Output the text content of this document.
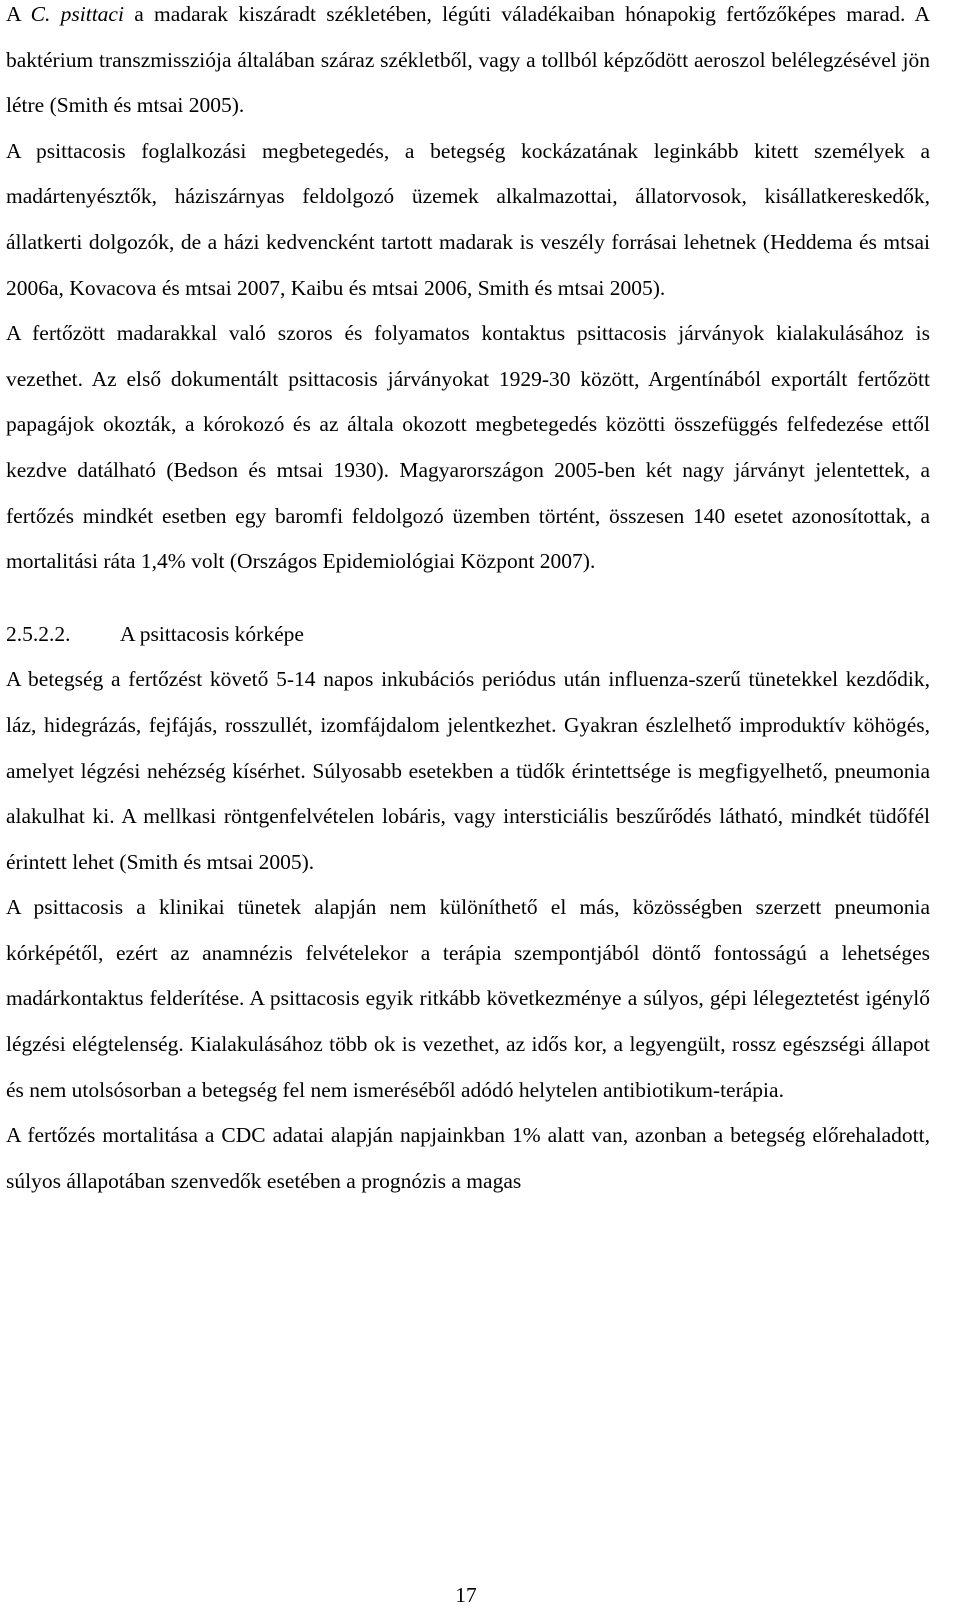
A C. psittaci a madarak kiszáradt székletében, légúti váladékaiban hónapokig fertőzőképes marad. A baktérium transzmissziója általában száraz székletből, vagy a tollból képződött aeroszol belélegzésével jön létre (Smith és mtsai 2005).

A psittacosis foglalkozási megbetegedés, a betegség kockázatának leginkább kitett személyek a madártenyésztők, háziszárnyas feldolgozó üzemek alkalmazottai, állatorvosok, kisállatkereskedők, állatkerti dolgozók, de a házi kedvencként tartott madarak is veszély forrásai lehetnek (Heddema és mtsai 2006a, Kovacova és mtsai 2007, Kaibu és mtsai 2006, Smith és mtsai 2005).

A fertőzött madarakkal való szoros és folyamatos kontaktus psittacosis járványok kialakulásához is vezethet. Az első dokumentált psittacosis járványokat 1929-30 között, Argentínából exportált fertőzött papagájok okozták, a kórokozó és az általa okozott megbetegedés közötti összefüggés felfedezése ettől kezdve datálható (Bedson és mtsai 1930). Magyarországon 2005-ben két nagy járványt jelentettek, a fertőzés mindkét esetben egy baromfi feldolgozó üzemben történt, összesen 140 esetet azonosítottak, a mortalitási ráta 1,4% volt (Országos Epidemiológiai Központ 2007).

2.5.2.2.	A psittacosis kórképe

A betegség a fertőzést követő 5-14 napos inkubációs periódus után influenza-szerű tünetekkel kezdődik, láz, hidegrázás, fejfájás, rosszullét, izomfájdalom jelentkezhet. Gyakran észlelhető improduktív köhögés, amelyet légzési nehézség kísérhet. Súlyosabb esetekben a tüdők érintettsége is megfigyelhető, pneumonia alakulhat ki. A mellkasi röntgenfelvételen lobáris, vagy intersticiális beszűrődés látható, mindkét tüdőfél érintett lehet (Smith és mtsai 2005).

A psittacosis a klinikai tünetek alapján nem különíthető el más, közösségben szerzett pneumonia kórképétől, ezért az anamnézis felvételekor a terápia szempontjából döntő fontosságú a lehetséges madárkontaktus felderítése. A psittacosis egyik ritkább következménye a súlyos, gépi lélegeztetést igénylő légzési elégtelenség. Kialakulásához több ok is vezethet, az idős kor, a legyengült, rossz egészségi állapot és nem utolsósorban a betegség fel nem ismeréséből adódó helytelen antibiotikum-terápia.

A fertőzés mortalitása a CDC adatai alapján napjainkban 1% alatt van, azonban a betegség előrehaladott, súlyos állapotában szenvedők esetében a prognózis a magas

17
